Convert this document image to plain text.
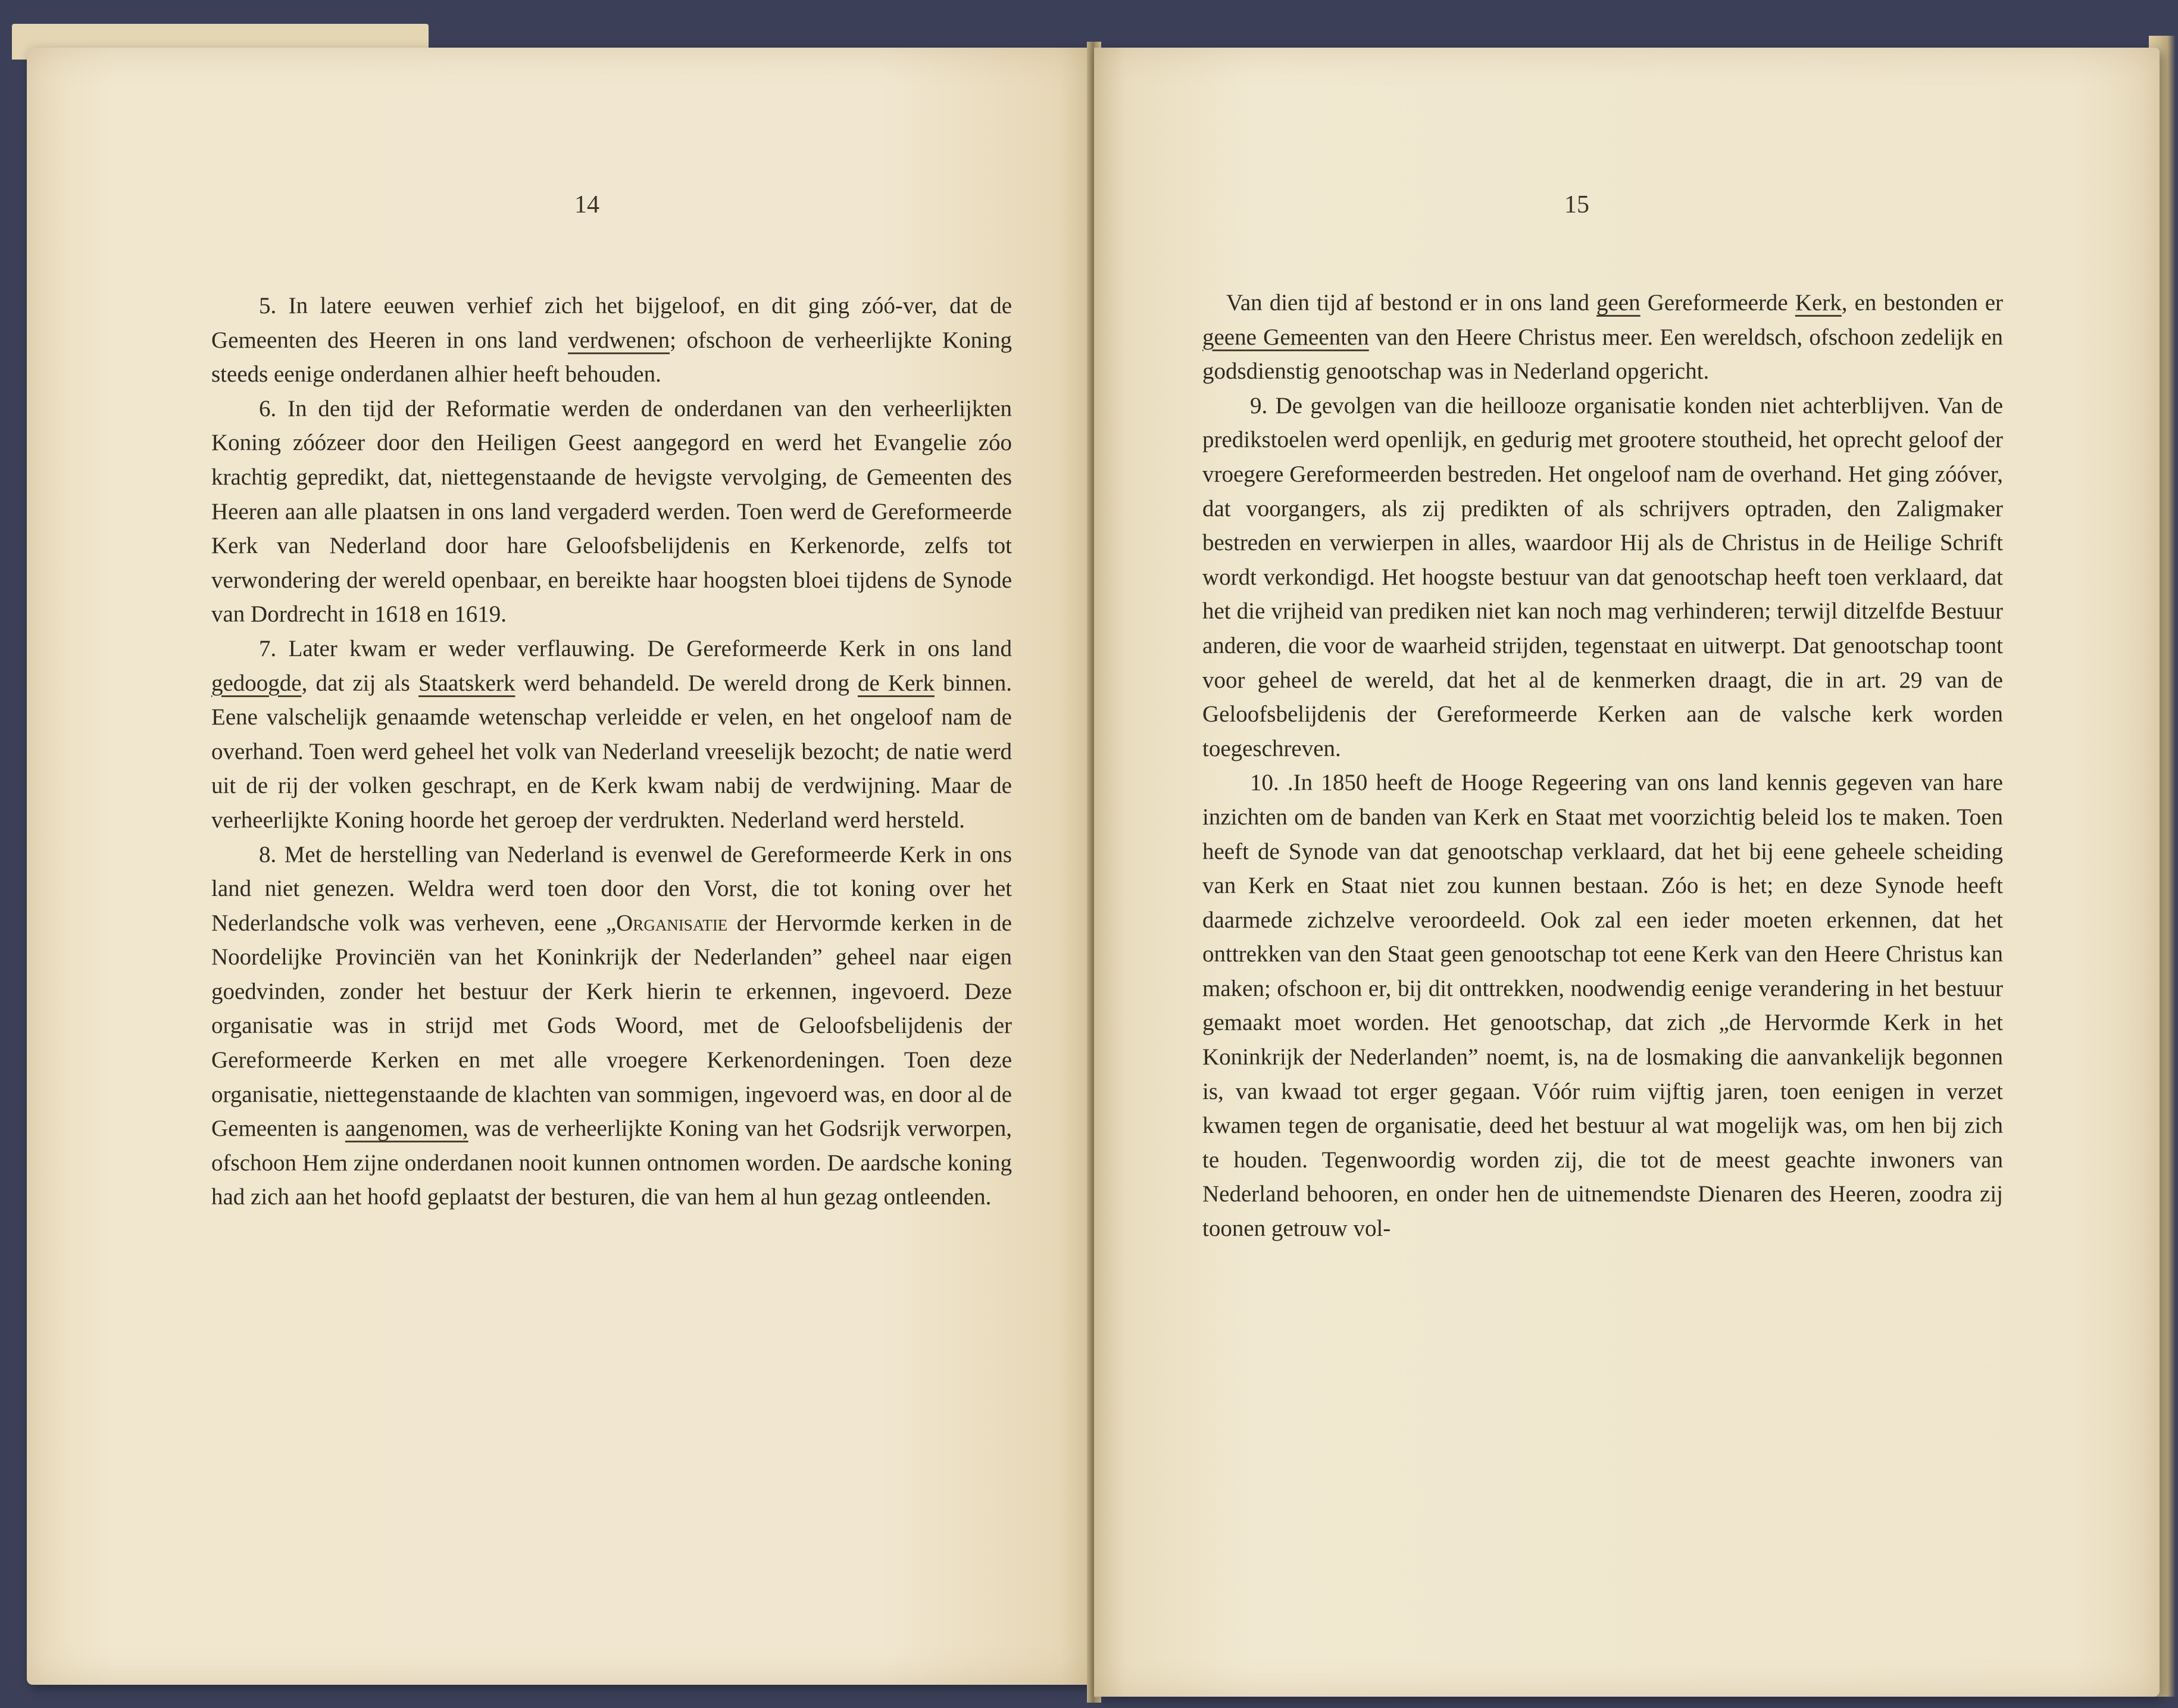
14

5. In latere eeuwen verhief zich het bijgeloof, en dit ging zóó-ver, dat de Gemeenten des Heeren in ons land verdwenen; ofschoon de verheerlijkte Koning steeds eenige onderdanen alhier heeft behouden.

6. In den tijd der Reformatie werden de onderdanen van den verheerlijkten Koning zóózeer door den Heiligen Geest aangegord en werd het Evangelie zóo krachtig gepredikt, dat, niettegenstaande de hevigste vervolging, de Gemeenten des Heeren aan alle plaatsen in ons land vergaderd werden. Toen werd de Gereformeerde Kerk van Nederland door hare Geloofsbelijdenis en Kerkenorde, zelfs tot verwondering der wereld openbaar, en bereikte haar hoogsten bloei tijdens de Synode van Dordrecht in 1618 en 1619.

7. Later kwam er weder verflauwing. De Gereformeerde Kerk in ons land gedoogde, dat zij als Staatskerk werd behandeld. De wereld drong de Kerk binnen. Eene valschelijk genaamde wetenschap verleidde er velen, en het ongeloof nam de overhand. Toen werd geheel het volk van Nederland vreeselijk bezocht; de natie werd uit de rij der volken geschrapt, en de Kerk kwam nabij de verdwijning. Maar de verheerlijkte Koning hoorde het geroep der verdrukten. Nederland werd hersteld.

8. Met de herstelling van Nederland is evenwel de Gereformeerde Kerk in ons land niet genezen. Weldra werd toen door den Vorst, die tot koning over het Nederlandsche volk was verheven, eene „Organisatie der Hervormde kerken in de Noordelijke Provinciën van het Koninkrijk der Nederlanden” geheel naar eigen goedvinden, zonder het bestuur der Kerk hierin te erkennen, ingevoerd. Deze organisatie was in strijd met Gods Woord, met de Geloofsbelijdenis der Gereformeerde Kerken en met alle vroegere Kerkenordeningen. Toen deze organisatie, niettegenstaande de klachten van sommigen, ingevoerd was, en door al de Gemeenten is aangenomen, was de verheerlijkte Koning van het Godsrijk verworpen, ofschoon Hem zijne onderdanen nooit kunnen ontnomen worden. De aardsche koning had zich aan het hoofd geplaatst der besturen, die van hem al hun gezag ontleenden.

15

Van dien tijd af bestond er in ons land geen Gereformeerde Kerk, en bestonden er geene Gemeenten van den Heere Christus meer. Een wereldsch, ofschoon zedelijk en godsdienstig genootschap was in Nederland opgericht.

9. De gevolgen van die heillooze organisatie konden niet achterblijven. Van de predikstoelen werd openlijk, en gedurig met grootere stoutheid, het oprecht geloof der vroegere Gereformeerden bestreden. Het ongeloof nam de overhand. Het ging zóóver, dat voorgangers, als zij predikten of als schrijvers optraden, den Zaligmaker bestreden en verwierpen in alles, waardoor Hij als de Christus in de Heilige Schrift wordt verkondigd. Het hoogste bestuur van dat genootschap heeft toen verklaard, dat het die vrijheid van prediken niet kan noch mag verhinderen; terwijl ditzelfde Bestuur anderen, die voor de waarheid strijden, tegenstaat en uitwerpt. Dat genootschap toont voor geheel de wereld, dat het al de kenmerken draagt, die in art. 29 van de Geloofsbelijdenis der Gereformeerde Kerken aan de valsche kerk worden toegeschreven.

10. .In 1850 heeft de Hooge Regeering van ons land kennis gegeven van hare inzichten om de banden van Kerk en Staat met voorzichtig beleid los te maken. Toen heeft de Synode van dat genootschap verklaard, dat het bij eene geheele scheiding van Kerk en Staat niet zou kunnen bestaan. Zóo is het; en deze Synode heeft daarmede zichzelve veroordeeld. Ook zal een ieder moeten erkennen, dat het onttrekken van den Staat geen genootschap tot eene Kerk van den Heere Christus kan maken; ofschoon er, bij dit onttrekken, noodwendig eenige verandering in het bestuur gemaakt moet worden. Het genootschap, dat zich „de Hervormde Kerk in het Koninkrijk der Nederlanden” noemt, is, na de losmaking die aanvankelijk begonnen is, van kwaad tot erger gegaan. Vóór ruim vijftig jaren, toen eenigen in verzet kwamen tegen de organisatie, deed het bestuur al wat mogelijk was, om hen bij zich te houden. Tegenwoordig worden zij, die tot de meest geachte inwoners van Nederland behooren, en onder hen de uitnemendste Dienaren des Heeren, zoodra zij toonen getrouw vol-
